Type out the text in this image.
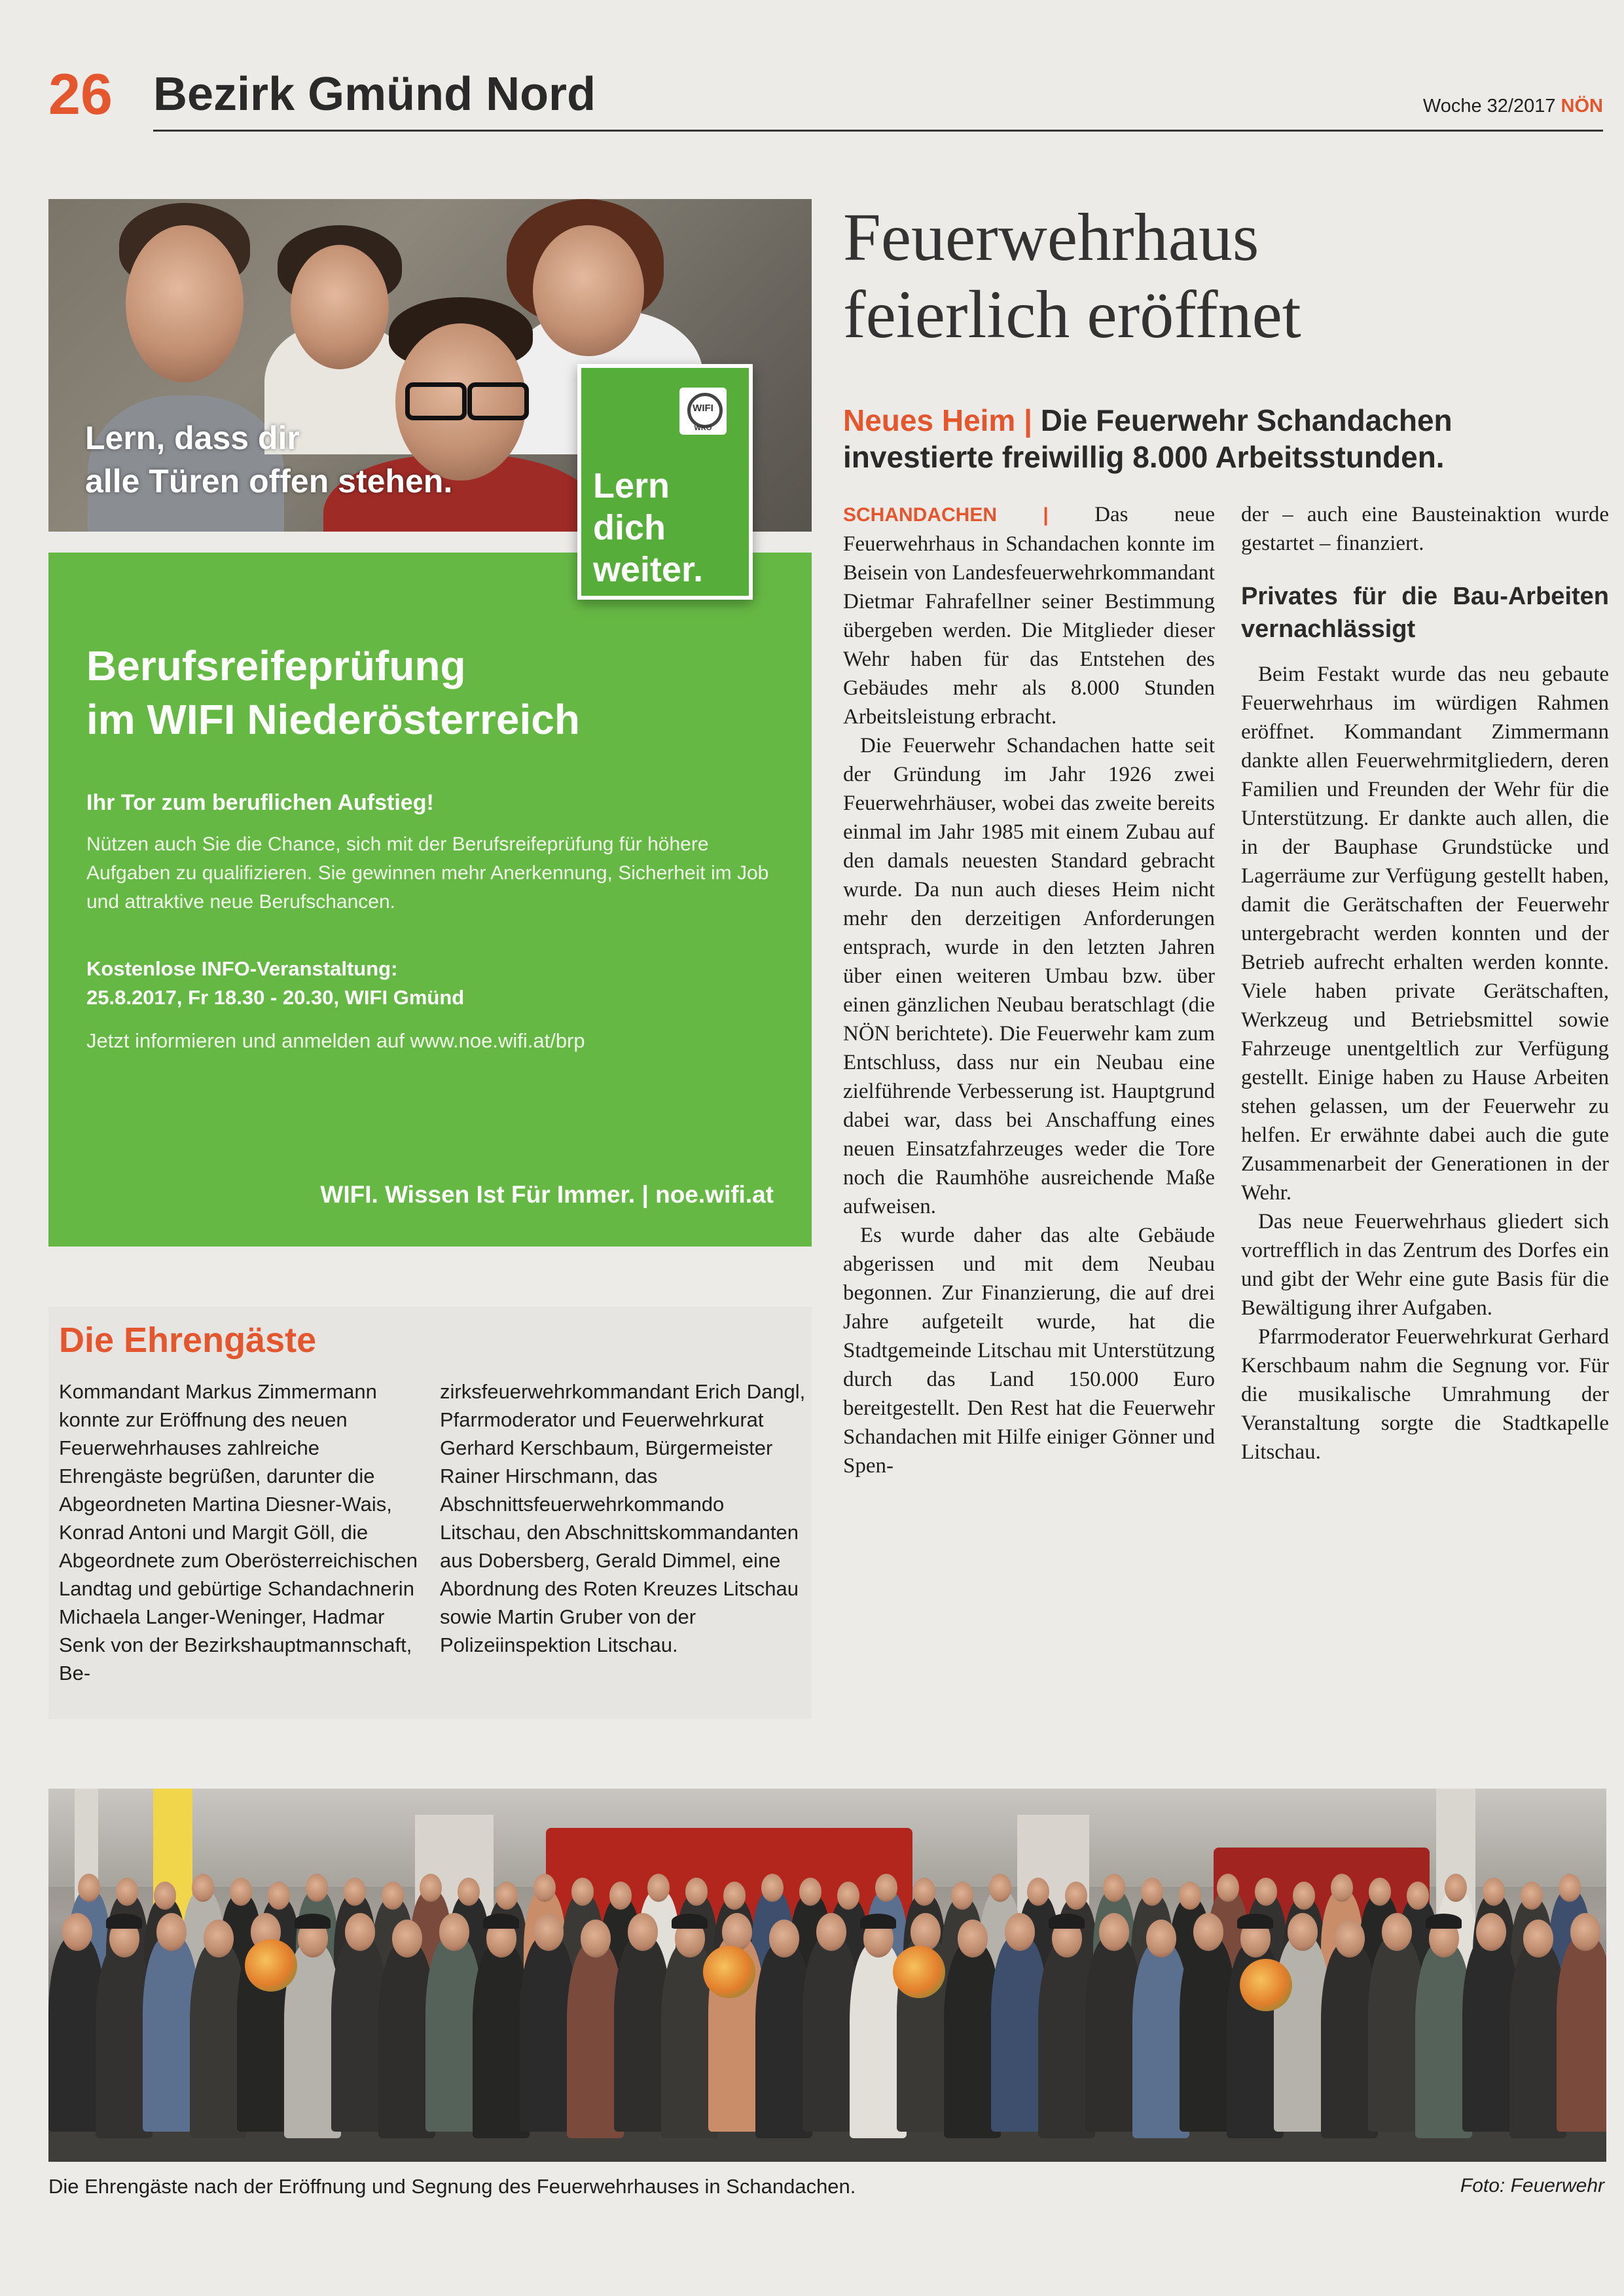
26 Bezirk Gmünd Nord	Woche 32/2017 NÖN
Lern, dass dir
alle Türen offen stehen.
WIFI
WKO
Lern
dich
weiter.
Berufsreifeprüfung
im WIFI Niederösterreich
Ihr Tor zum beruflichen Aufstieg!
Nützen auch Sie die Chance, sich mit der Berufsreifeprüfung für höhere Aufgaben zu qualifizieren. Sie gewinnen mehr Anerkennung, Sicherheit im Job und attraktive neue Berufschancen.
Kostenlose INFO-Veranstaltung:
25.8.2017, Fr 18.30 - 20.30, WIFI Gmünd
Jetzt informieren und anmelden auf www.noe.wifi.at/brp
WIFI. Wissen Ist Für Immer. | noe.wifi.at
Die Ehrengäste
Kommandant Markus Zimmermann konnte zur Eröffnung des neuen Feuerwehrhauses zahlreiche Ehrengäste begrüßen, darunter die Abgeordneten Martina Diesner-Wais, Konrad Antoni und Margit Göll, die Abgeordnete zum Oberösterreichischen Landtag und gebürtige Schandachnerin Michaela Langer-Weninger, Hadmar Senk von der Bezirkshauptmannschaft, Be-
zirksfeuerwehrkommandant Erich Dangl, Pfarrmoderator und Feuerwehrkurat Gerhard Kerschbaum, Bürgermeister Rainer Hirschmann, das Abschnittsfeuerwehrkommando Litschau, den Abschnittskommandanten aus Dobersberg, Gerald Dimmel, eine Abordnung des Roten Kreuzes Litschau sowie Martin Gruber von der Polizeiinspektion Litschau.
Feuerwehrhaus
feierlich eröffnet
Neues Heim | Die Feuerwehr Schandachen
investierte freiwillig 8.000 Arbeitsstunden.

SCHANDACHEN | Das neue Feuerwehrhaus in Schandachen konnte im Beisein von Landesfeuerwehrkommandant Dietmar Fahrafellner seiner Bestimmung übergeben werden. Die Mitglieder dieser Wehr haben für das Entstehen des Gebäudes mehr als 8.000 Stunden Arbeitsleistung erbracht.

Die Feuerwehr Schandachen hatte seit der Gründung im Jahr 1926 zwei Feuerwehrhäuser, wobei das zweite bereits einmal im Jahr 1985 mit einem Zubau auf den damals neuesten Standard gebracht wurde. Da nun auch dieses Heim nicht mehr den derzeitigen Anforderungen entsprach, wurde in den letzten Jahren über einen weiteren Umbau bzw. über einen gänzlichen Neubau beratschlagt (die NÖN berichtete). Die Feuerwehr kam zum Entschluss, dass nur ein Neubau eine zielführende Verbesserung ist. Hauptgrund dabei war, dass bei Anschaffung eines neuen Einsatzfahrzeuges weder die Tore noch die Raumhöhe ausreichende Maße aufweisen.

Es wurde daher das alte Gebäude abgerissen und mit dem Neubau begonnen. Zur Finanzierung, die auf drei Jahre aufgeteilt wurde, hat die Stadtgemeinde Litschau mit Unterstützung durch das Land 150.000 Euro bereitgestellt. Den Rest hat die Feuerwehr Schandachen mit Hilfe einiger Gönner und Spen-

der – auch eine Bausteinaktion wurde gestartet – finanziert.

Privates für die Bau-Arbeiten vernachlässigt

Beim Festakt wurde das neu gebaute Feuerwehrhaus im würdigen Rahmen eröffnet. Kommandant Zimmermann dankte allen Feuerwehrmitgliedern, deren Familien und Freunden der Wehr für die Unterstützung. Er dankte auch allen, die in der Bauphase Grundstücke und Lagerräume zur Verfügung gestellt haben, damit die Gerätschaften der Feuerwehr untergebracht werden konnten und der Betrieb aufrecht erhalten werden konnte. Viele haben private Gerätschaften, Werkzeug und Betriebsmittel sowie Fahrzeuge unentgeltlich zur Verfügung gestellt. Einige haben zu Hause Arbeiten stehen gelassen, um der Feuerwehr zu helfen. Er erwähnte dabei auch die gute Zusammenarbeit der Generationen in der Wehr.

Das neue Feuerwehrhaus gliedert sich vortrefflich in das Zentrum des Dorfes ein und gibt der Wehr eine gute Basis für die Bewältigung ihrer Aufgaben.

Pfarrmoderator Feuerwehrkurat Gerhard Kerschbaum nahm die Segnung vor. Für die musikalische Umrahmung der Veranstaltung sorgte die Stadtkapelle Litschau.

Die Ehrengäste nach der Eröffnung und Segnung des Feuerwehrhauses in Schandachen.	Foto: Feuerwehr
